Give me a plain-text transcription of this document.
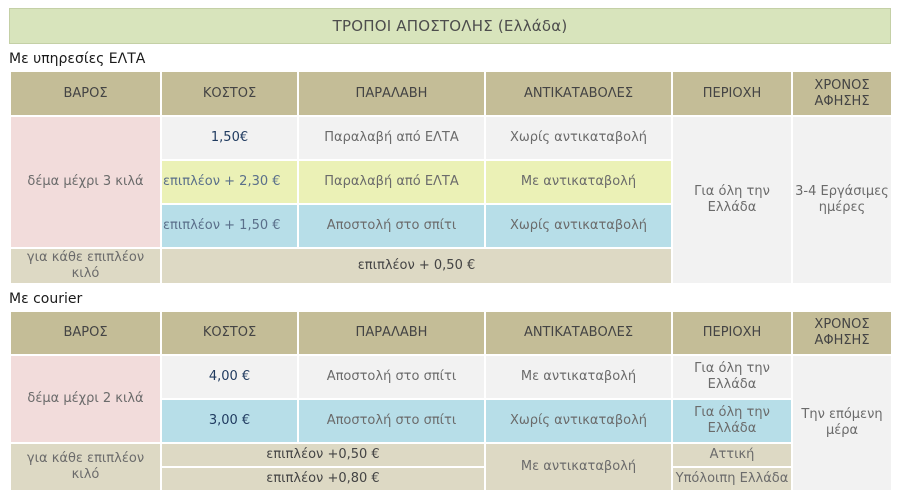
ΤΡΟΠΟΙ ΑΠΟΣΤΟΛΗΣ (Ελλάδα)
Με υπηρεσίες ΕΛΤΑ
ΒΑΡΟΣ	ΚΟΣΤΟΣ	ΠΑΡΑΛΑΒΗ	ΑΝΤΙΚΑΤΑΒΟΛΕΣ	ΠΕΡΙΟΧΗ	ΧΡΟΝΟΣ
ΑΦΗΣΗΣ
δέμα μέχρι 3 κιλά	1,50€	Παραλαβή από ΕΛΤΑ	Χωρίς αντικαταβολή	Για όλη την
Ελλάδα	3-4 Εργάσιμες
ημέρες
	επιπλέον + 2,30 €	Παραλαβή από ΕΛΤΑ	Με αντικαταβολή		
	επιπλέον + 1,50 €	Αποστολή στο σπίτι	Χωρίς αντικαταβολή		
για κάθε επιπλέον
κιλό	επιπλέον + 0,50 €				
Με courier
ΒΑΡΟΣ	ΚΟΣΤΟΣ	ΠΑΡΑΛΑΒΗ	ΑΝΤΙΚΑΤΑΒΟΛΕΣ	ΠΕΡΙΟΧΗ	ΧΡΟΝΟΣ
ΑΦΗΣΗΣ
δέμα μέχρι 2 κιλά	4,00 €	Αποστολή στο σπίτι	Με αντικαταβολή	Για όλη την
Ελλάδα	Την επόμενη
μέρα
	3,00 €	Αποστολή στο σπίτι	Χωρίς αντικαταβολή	Για όλη την
Ελλάδα	
για κάθε επιπλέον
κιλό	επιπλέον +0,50 €		Με αντικαταβολή	Αττική	
	επιπλέον +0,80 €			Υπόλοιπη Ελλάδα	
